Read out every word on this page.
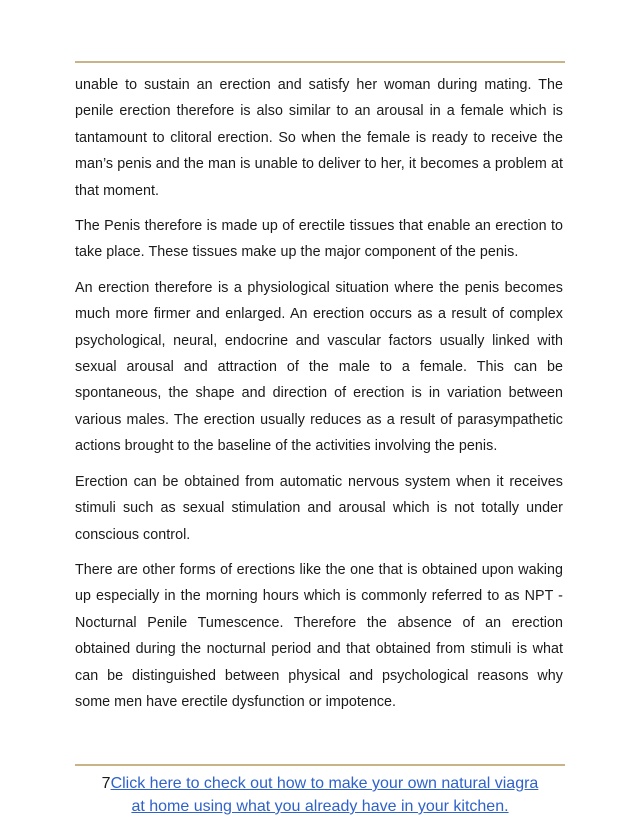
unable to sustain an erection and satisfy her woman during mating. The penile erection therefore is also similar to an arousal in a female which is tantamount to clitoral erection. So when the female is ready to receive the man’s penis and the man is unable to deliver to her, it becomes a problem at that moment.

The Penis therefore is made up of erectile tissues that enable an erection to take place. These tissues make up the major component of the penis.

An erection therefore is a physiological situation where the penis becomes much more firmer and enlarged. An erection occurs as a result of complex psychological, neural, endocrine and vascular factors usually linked with sexual arousal and attraction of the male to a female. This can be spontaneous, the shape and direction of erection is in variation between various males. The erection usually reduces as a result of parasympathetic actions brought to the baseline of the activities involving the penis.

Erection can be obtained from automatic nervous system when it receives stimuli such as sexual stimulation and arousal which is not totally under conscious control.

There are other forms of erections like the one that is obtained upon waking up especially in the morning hours which is commonly referred to as NPT - Nocturnal Penile Tumescence. Therefore the absence of an erection obtained during the nocturnal period and that obtained from stimuli is what can be distinguished between physical and psychological reasons why some men have erectile dysfunction or impotence.

7Click here to check out how to make your own natural viagra
at home using what you already have in your kitchen.
